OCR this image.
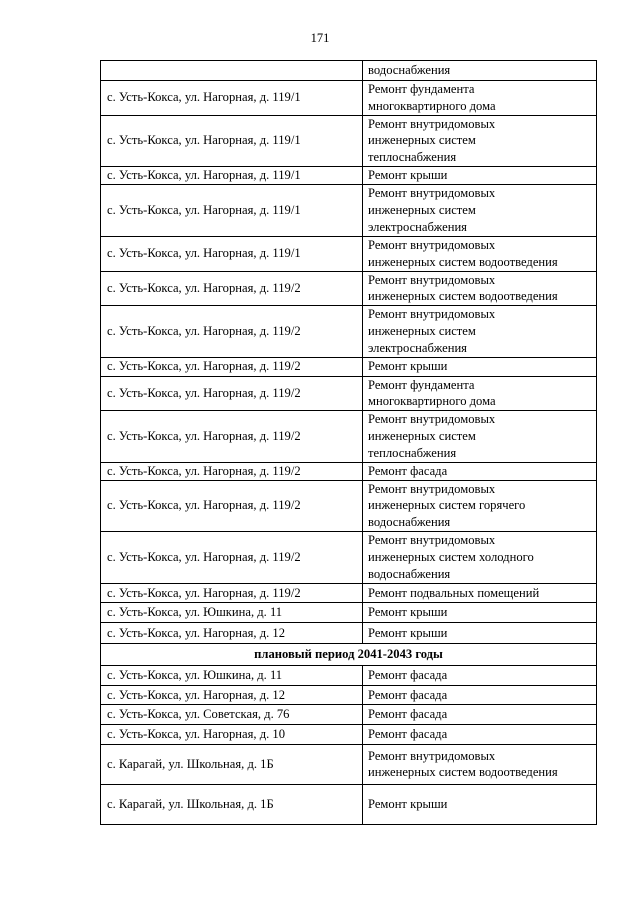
171
	водоснабжения
с. Усть-Кокса, ул. Нагорная, д. 119/1	Ремонт фундамента
многоквартирного дома
с. Усть-Кокса, ул. Нагорная, д. 119/1	Ремонт внутридомовых
инженерных систем
теплоснабжения
с. Усть-Кокса, ул. Нагорная, д. 119/1	Ремонт крыши
с. Усть-Кокса, ул. Нагорная, д. 119/1	Ремонт внутридомовых
инженерных систем
электроснабжения
с. Усть-Кокса, ул. Нагорная, д. 119/1	Ремонт внутридомовых
инженерных систем водоотведения
с. Усть-Кокса, ул. Нагорная, д. 119/2	Ремонт внутридомовых
инженерных систем водоотведения
с. Усть-Кокса, ул. Нагорная, д. 119/2	Ремонт внутридомовых
инженерных систем
электроснабжения
с. Усть-Кокса, ул. Нагорная, д. 119/2	Ремонт крыши
с. Усть-Кокса, ул. Нагорная, д. 119/2	Ремонт фундамента
многоквартирного дома
с. Усть-Кокса, ул. Нагорная, д. 119/2	Ремонт внутридомовых
инженерных систем
теплоснабжения
с. Усть-Кокса, ул. Нагорная, д. 119/2	Ремонт фасада
с. Усть-Кокса, ул. Нагорная, д. 119/2	Ремонт внутридомовых
инженерных систем горячего
водоснабжения
с. Усть-Кокса, ул. Нагорная, д. 119/2	Ремонт внутридомовых
инженерных систем холодного
водоснабжения
с. Усть-Кокса, ул. Нагорная, д. 119/2	Ремонт подвальных помещений
с. Усть-Кокса, ул. Юшкина, д. 11	Ремонт крыши
с. Усть-Кокса, ул. Нагорная, д. 12	Ремонт крыши
плановый период 2041-2043 годы	
с. Усть-Кокса, ул. Юшкина, д. 11	Ремонт фасада
с. Усть-Кокса, ул. Нагорная, д. 12	Ремонт фасада
с. Усть-Кокса, ул. Советская, д. 76	Ремонт фасада
с. Усть-Кокса, ул. Нагорная, д. 10	Ремонт фасада
с. Карагай, ул. Школьная, д. 1Б	Ремонт внутридомовых
инженерных систем водоотведения
с. Карагай, ул. Школьная, д. 1Б	Ремонт крыши
